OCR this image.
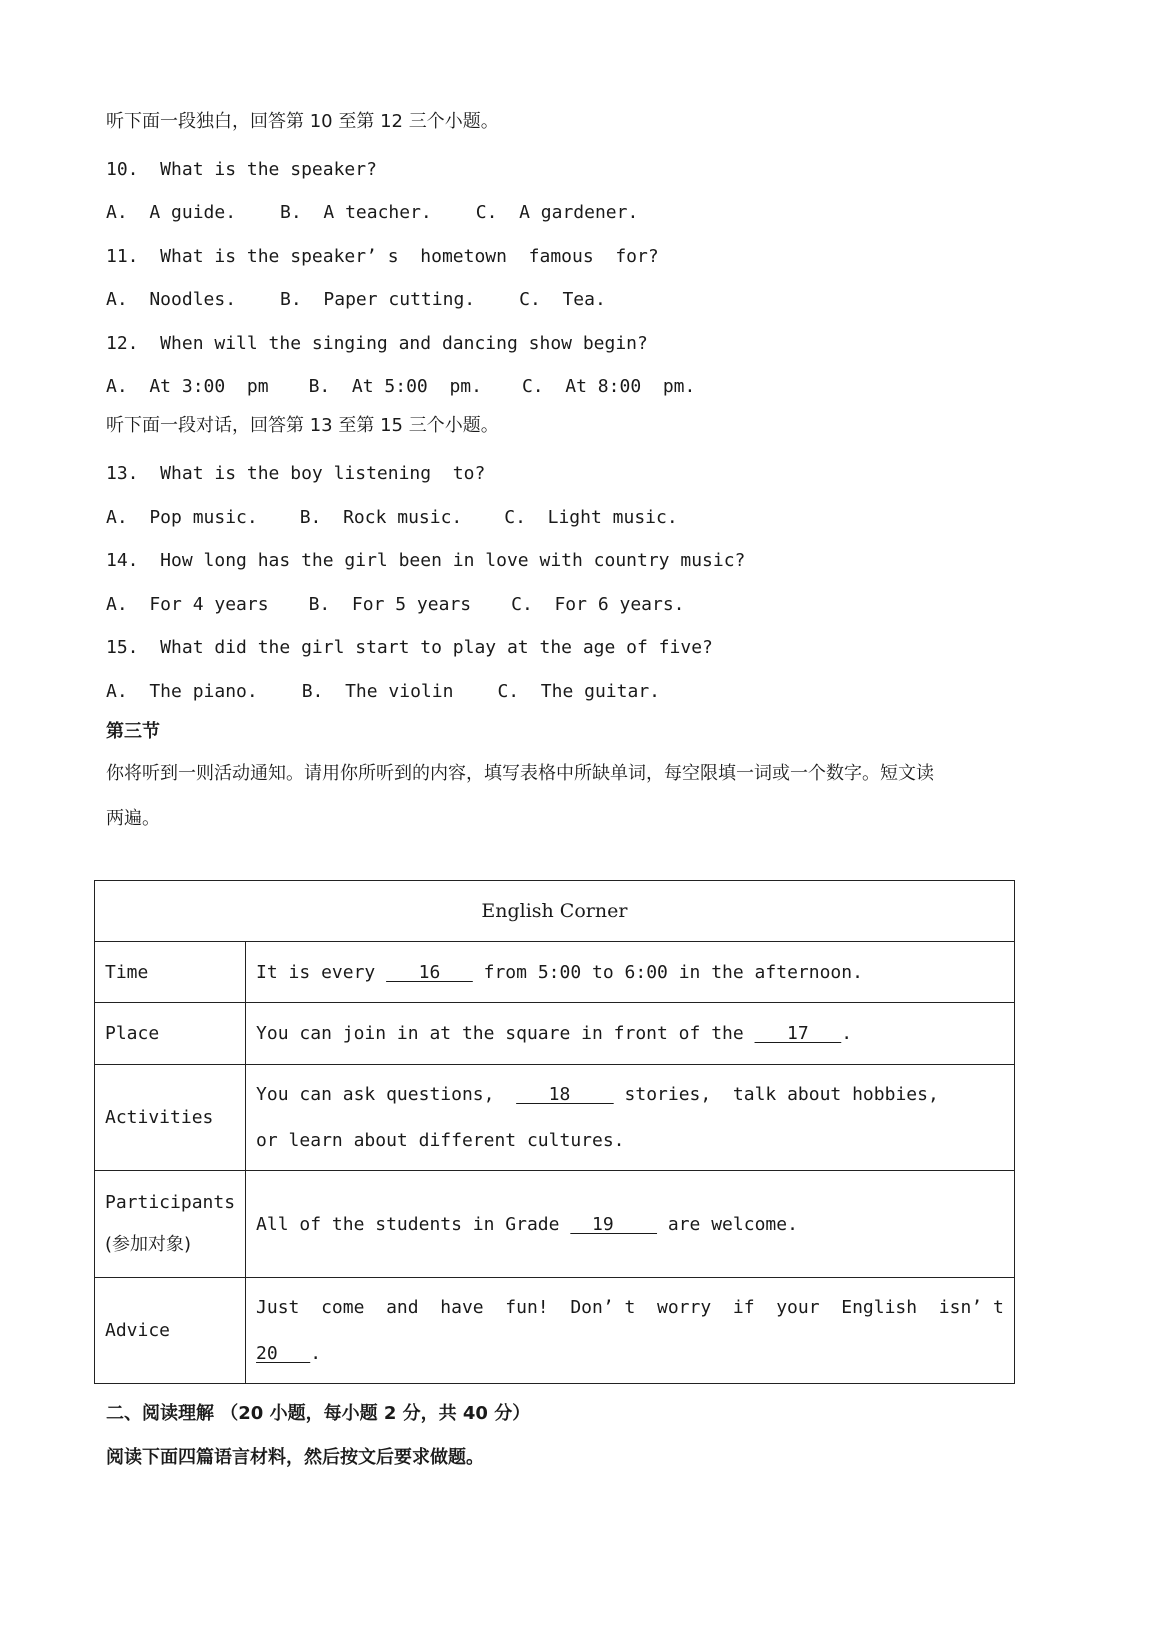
听下面一段独白，回答第 10 至第 12 三个小题。
10.  What is the speaker?
A.  A guide. B.  A teacher. C.  A gardener.
11.  What is the speaker’ s  hometown  famous  for?
A.  Noodles. B.  Paper cutting. C.  Tea.
12.  When will the singing and dancing show begin?
A.  At 3:00  pm B.  At 5:00  pm. C.  At 8:00  pm.
听下面一段对话，回答第 13 至第 15 三个小题。
13.  What is the boy listening  to?
A.  Pop music. B.  Rock music. C.  Light music.
14.  How long has the girl been in love with country music?
A.  For 4 years B.  For 5 years C.  For 6 years.
15.  What did the girl start to play at the age of five?
A.  The piano. B.  The violin C.  The guitar.
第三节
你将听到一则活动通知。请用你所听到的内容，填写表格中所缺单词，每空限填一词或一个数字。短文读
两遍。
English Corner	
Time	It is every    16    from 5:00 to 6:00 in the afternoon.
Place	You can join in at the square in front of the    17   .
Activities	You can ask questions,     18     stories,  talk about hobbies,
or learn about different cultures.

Participants
(参加对象)	All of the students in Grade   19     are welcome.
Advice	Just  come  and  have  fun!  Don’ t  worry  if  your  English  isn’ t
20   .
二、阅读理解 （20 小题，每小题 2 分，共 40 分）
阅读下面四篇语言材料，然后按文后要求做题。
